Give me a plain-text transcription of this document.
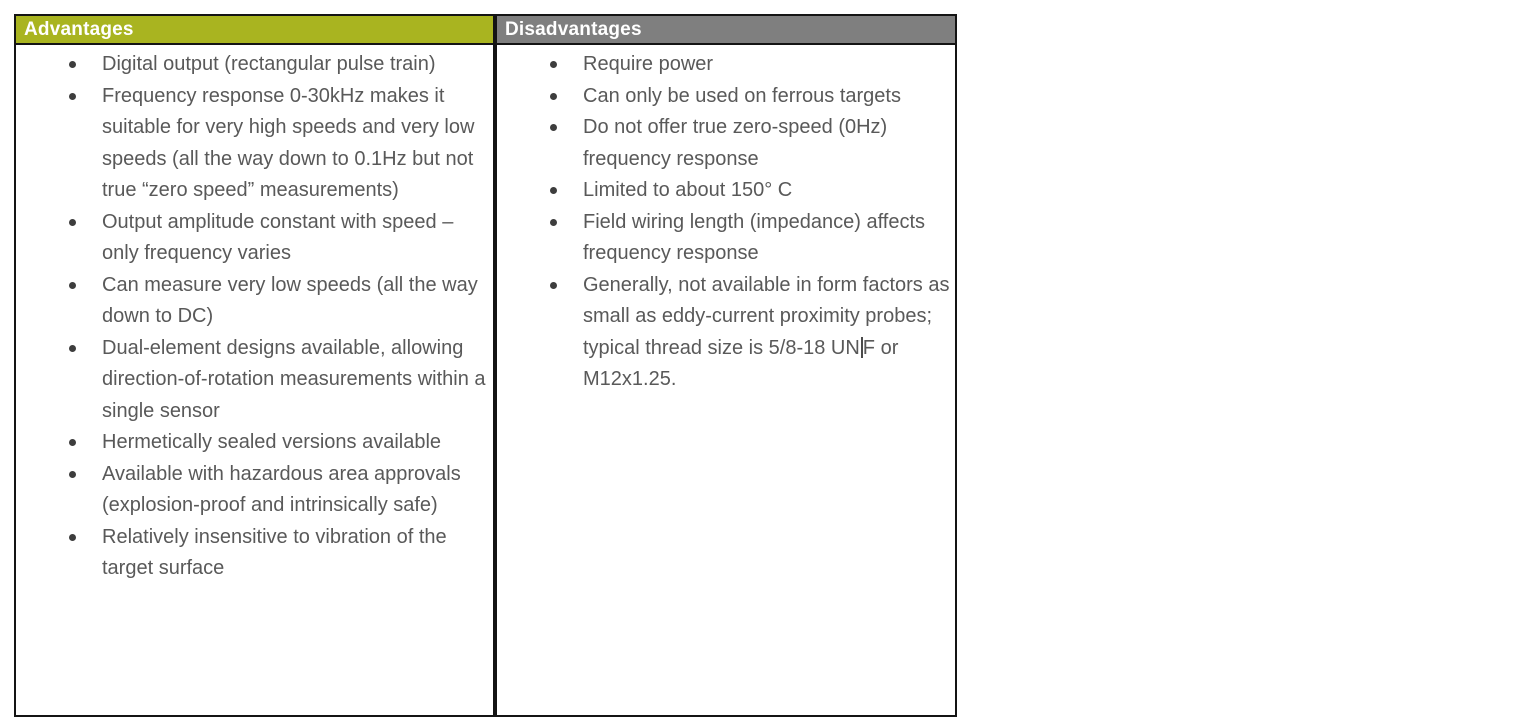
Advantages
Digital output (rectangular pulse train)
Frequency response 0-30kHz makes it suitable for very high speeds and very low speeds (all the way down to 0.1Hz but not true “zero speed” measurements)
Output amplitude constant with speed – only frequency varies
Can measure very low speeds (all the way down to DC)
Dual-element designs available, allowing direction-of-rotation measurements within a single sensor
Hermetically sealed versions available
Available with hazardous area approvals (explosion-proof and intrinsically safe)
Relatively insensitive to vibration of the target surface
Disadvantages
Require power
Can only be used on ferrous targets
Do not offer true zero-speed (0Hz) frequency response
Limited to about 150° C
Field wiring length (impedance) affects frequency response
Generally, not available in form factors as small as eddy-current proximity probes; typical thread size is 5/8-18 UN F or M12x1.25.
